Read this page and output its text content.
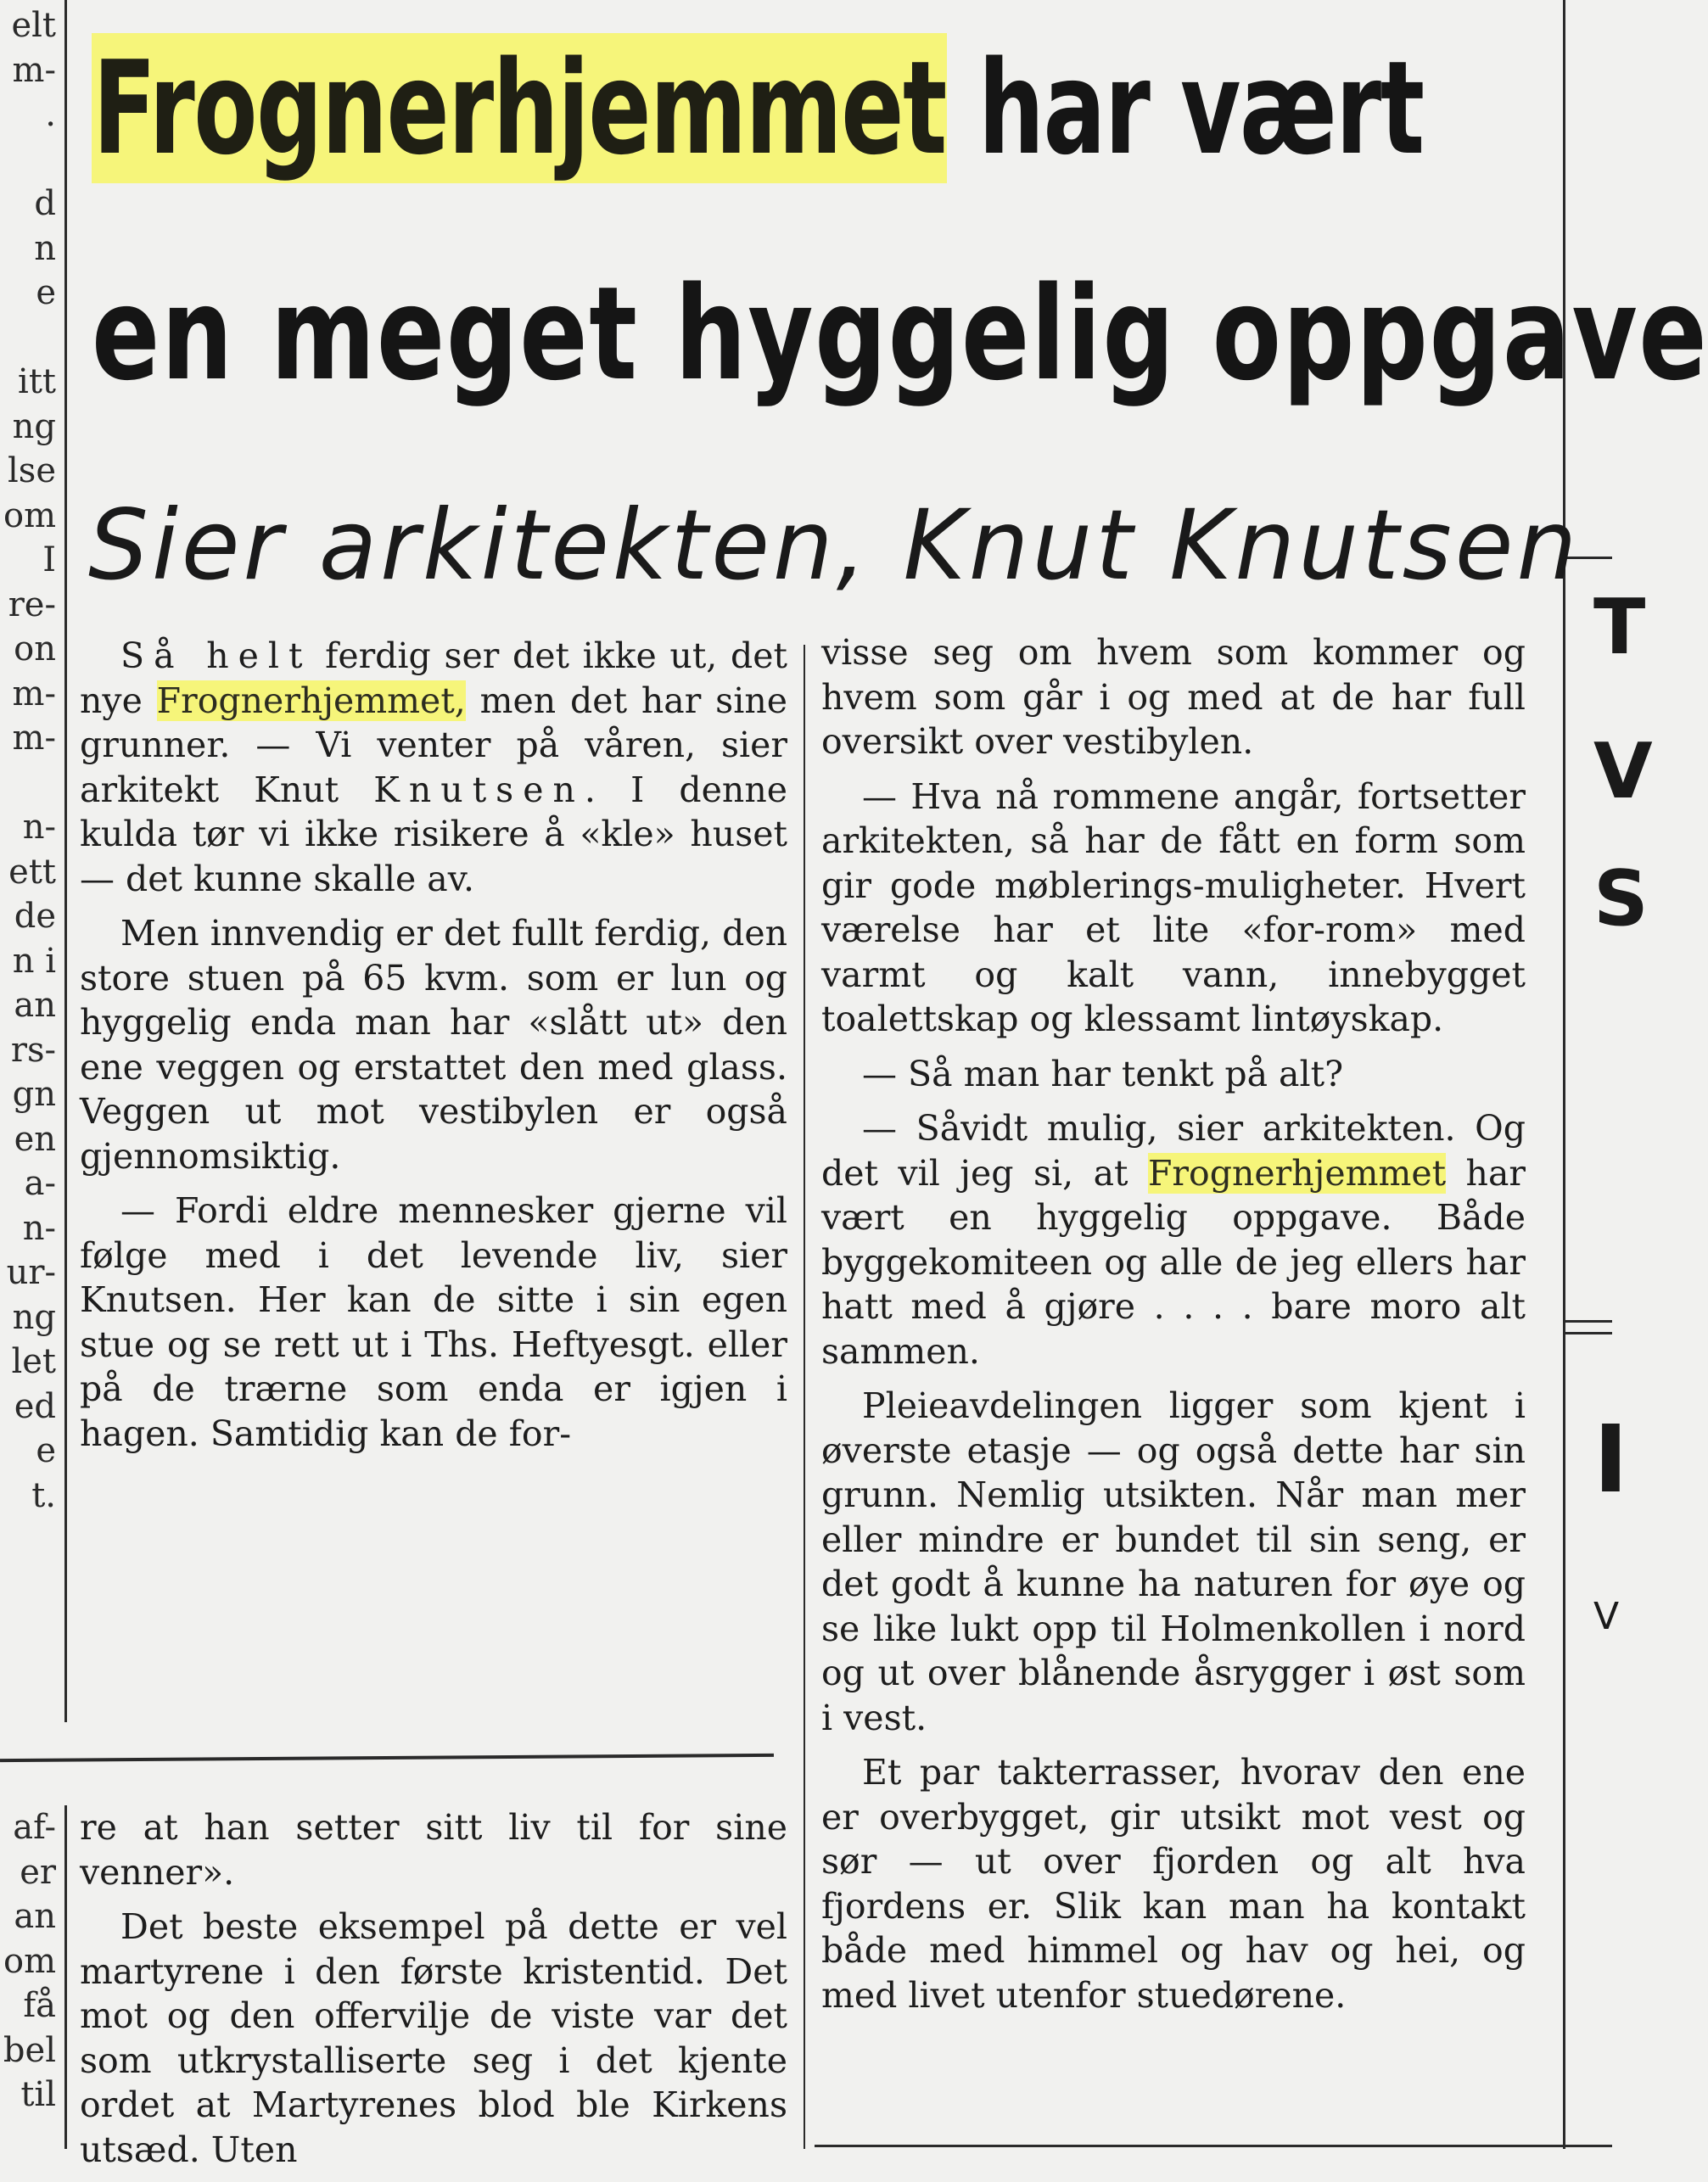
elt
m-
.

d
n
e

itt
ng
lse
om
I
re-
on
m-
m-

n-
ett
de
n i
an
rs-
gn
en
a-
n-
ur-
ng
let
ed
e
t.
af-
er
an
om
få
bel
til
T
V
S
I
V
Frognerhjemmet har vært
en meget hyggelig oppgave
Sier arkitekten, Knut Knutsen

Så helt ferdig ser det ikke ut, det nye Frognerhjemmet, men det har sine grunner. — Vi venter på våren, sier arkitekt Knut Knutsen. I denne kulda tør vi ikke risikere å «kle» huset — det kunne skalle av.

Men innvendig er det fullt ferdig, den store stuen på 65 kvm. som er lun og hyggelig enda man har «slått ut» den ene veggen og erstattet den med glass. Veggen ut mot vestibylen er også gjennomsiktig.

— Fordi eldre mennesker gjerne vil følge med i det levende liv, sier Knutsen. Her kan de sitte i sin egen stue og se rett ut i Ths. Heftyesgt. eller på de trærne som enda er igjen i hagen. Samtidig kan de for-

visse seg om hvem som kommer og hvem som går i og med at de har full oversikt over vestibylen.

— Hva nå rommene angår, fortsetter arkitekten, så har de fått en form som gir gode møblerings-muligheter. Hvert værelse har et lite «for-rom» med varmt og kalt vann, innebygget toalettskap og klessamt lintøyskap.

— Så man har tenkt på alt?

— Såvidt mulig, sier arkitekten. Og det vil jeg si, at Frognerhjemmet har vært en hyggelig oppgave. Både byggekomiteen og alle de jeg ellers har hatt med å gjøre . . . . bare moro alt sammen.

Pleieavdelingen ligger som kjent i øverste etasje — og også dette har sin grunn. Nemlig utsikten. Når man mer eller mindre er bundet til sin seng, er det godt å kunne ha naturen for øye og se like lukt opp til Holmenkollen i nord og ut over blånende åsrygger i øst som i vest.

Et par takterrasser, hvorav den ene er overbygget, gir utsikt mot vest og sør — ut over fjorden og alt hva fjordens er. Slik kan man ha kontakt både med himmel og hav og hei, og med livet utenfor stuedørene.

re at han setter sitt liv til for sine venner».

Det beste eksempel på dette er vel martyrene i den første kristentid. Det mot og den offervilje de viste var det som utkrystalliserte seg i det kjente ordet at Martyrenes blod ble Kirkens utsæd. Uten
